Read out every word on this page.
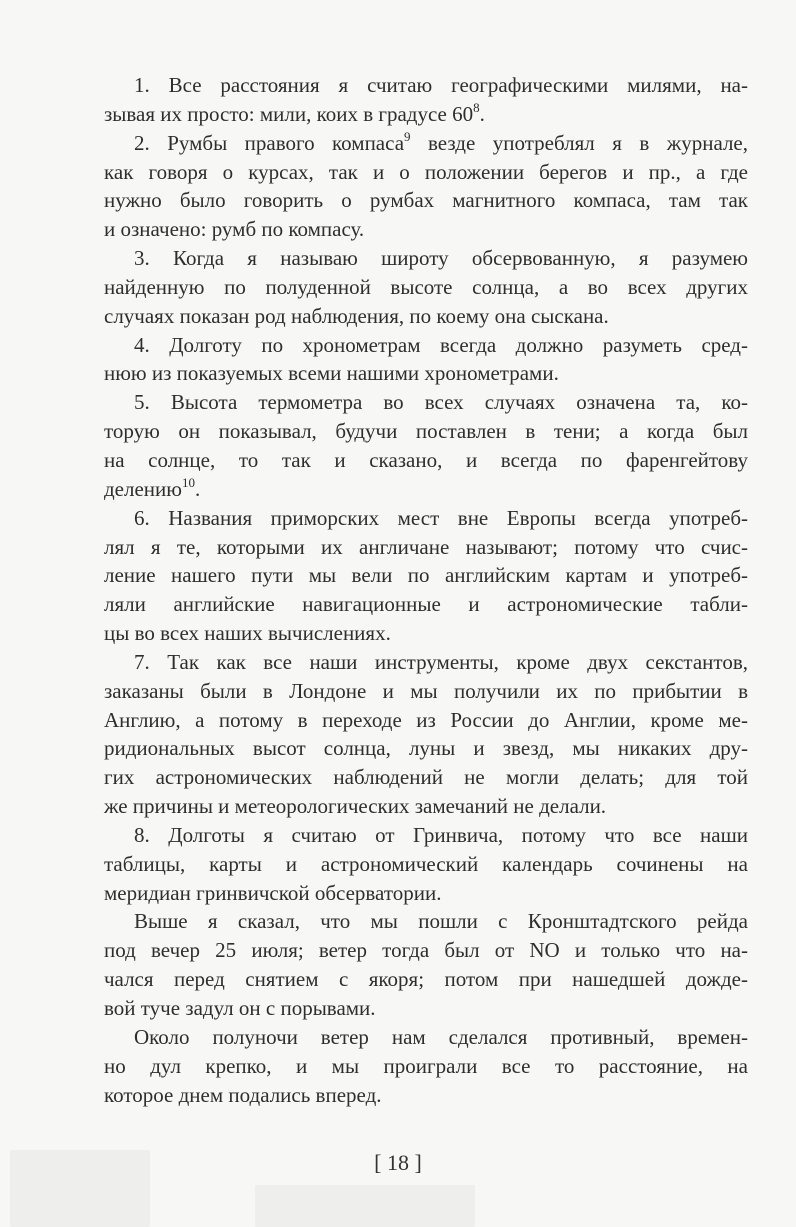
1. Все расстояния я считаю географическими милями, на-
зывая их просто: мили, коих в градусе $60^8$.
2. Румбы правого компаса$^9$ везде употреблял я в журнале,
как говоря о курсах, так и о положении берегов и пр., а где
нужно было говорить о румбах магнитного компаса, там так
и означено: румб по компасу.
3. Когда я называю широту обсервованную, я разумею
найденную по полуденной высоте солнца, а во всех других
случаях показан род наблюдения, по коему она сыскана.
4. Долготу по хронометрам всегда должно разуметь сред-
нюю из показуемых всеми нашими хронометрами.
5. Высота термометра во всех случаях означена та, ко-
торую он показывал, будучи поставлен в тени; а когда был
на солнце, то так и сказано, и всегда по фаренгейтову
делению$^{10}$.
6. Названия приморских мест вне Европы всегда употреб-
лял я те, которыми их англичане называют; потому что счис-
ление нашего пути мы вели по английским картам и употреб-
ляли английские навигационные и астрономические табли-
цы во всех наших вычислениях.
7. Так как все наши инструменты, кроме двух секстантов,
заказаны были в Лондоне и мы получили их по прибытии в
Англию, а потому в переходе из России до Англии, кроме ме-
ридиональных высот солнца, луны и звезд, мы никаких дру-
гих астрономических наблюдений не могли делать; для той
же причины и метеорологических замечаний не делали.
8. Долготы я считаю от Гринвича, потому что все наши
таблицы, карты и астрономический календарь сочинены на
меридиан гринвичской обсерватории.
Выше я сказал, что мы пошли с Кронштадтского рейда
под вечер 25 июля; ветер тогда был от NO и только что на-
чался перед снятием с якоря; потом при нашедшей дожде-
вой туче задул он с порывами.
Около полуночи ветер нам сделался противный, времен-
но дул крепко, и мы проиграли все то расстояние, на
которое днем подались вперед.
[ 18 ]
